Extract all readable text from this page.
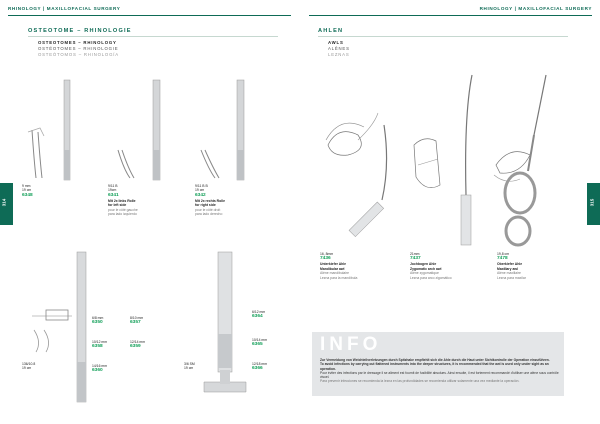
RHINOLOGY | MAXILLOFACIAL SURGERY	RHINOLOGY | MAXILLOFACIAL SURGERY
314	315
OSTEOTOME – RHINOLOGIE
OSTEOTOMES – RHINOLOGY
OSTÉOTOMES – RHINOLOGIE
OSTEÓTOMOS – RHINOLOGÍA
9 mm
19 cm
6348
9/11 B
19cm
6341
Mit 2x links Rolle
for left side
pour le côté gauche
para lado izquierdo
9/11 B B
19 cm
6342
Mit 2x rechts Rolle
for right side
pour le côté droit
para lado derecho
136/10.8
19 cm
6/8 mm
6350
8/10 mm
6357
10/12 mm
6358
12/14 mm
6359
14/16 mm
6360
3/6 SM
19 cm
6/12 mm
6364
10/14 mm
6365
12/18 mm
6366
AHLEN
AWLS
ALÊNES
LEZNAS
16, 8mm
7436
Unterkiefer Ahle
Mandibular awl
Alène mandibulaire
Lezna para la mandíbula
21mm
7437
Jochbogen Ahle
Zygomatic arch awl
Alène zygomatique
Lezna para arco zigomático
19,8 cm
7478
Oberkiefer Ahle
Maxillary awl
Alène maxillaire
Lezna para maxilar
INFO
Zur Vermeidung von Weichteilverletzungen durch Spitzhake empfiehlt sich die Ahle durch die Haut unter Sichtkontrolle der Operation einzuführen.
To avoid infections by carrying out flattened instruments into the deeper structures, it is recommended that the awl is used only under sight as an operation.
Pour éviter des infections par le dressage il se aliment est fournit de fusibilité absolues. Ainsi ensuite, il est fortement recommandé d'utiliser une alène sous contrôle visuel.
Para prevenir infecciones se recomienda la lezna en las profundidades se recomienda utilizar solamente una vez mediante la operación.
